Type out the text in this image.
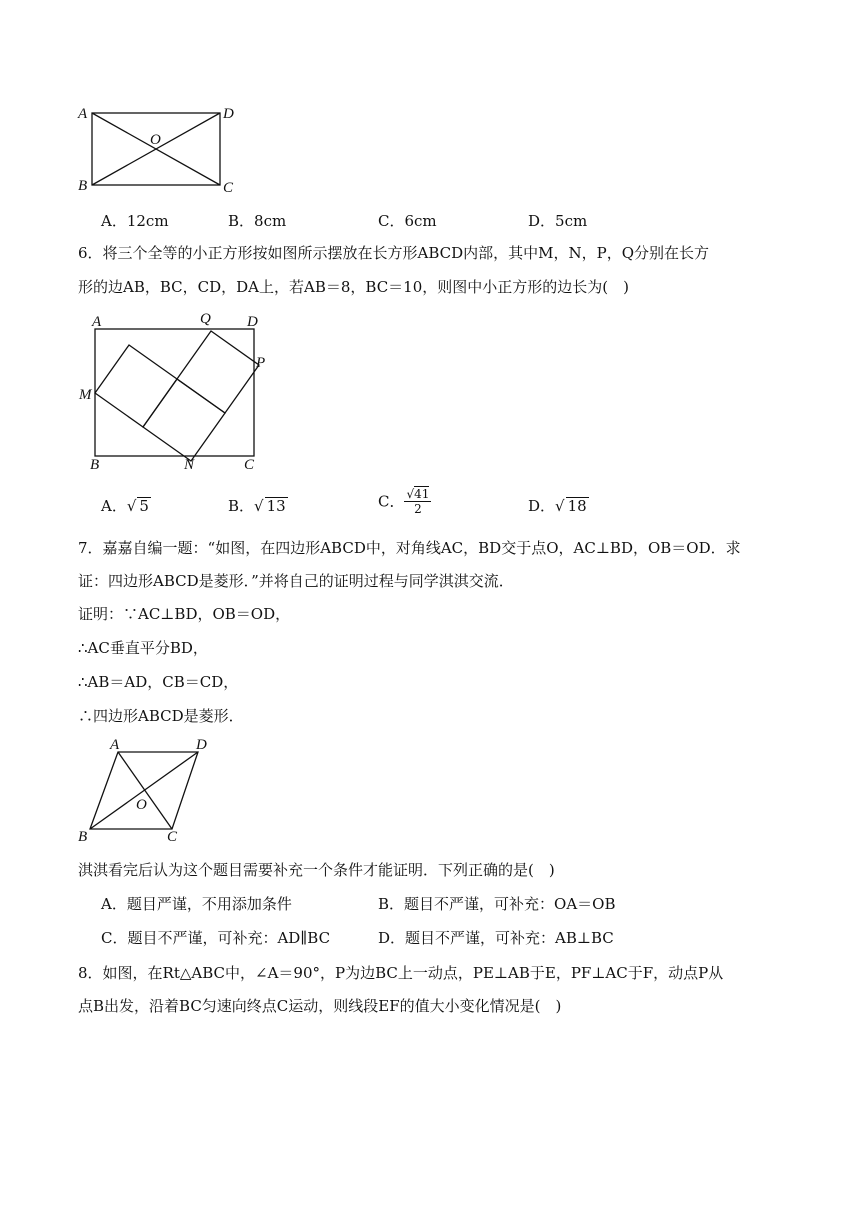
A	D
O
B	C
A．12cm	B．8cm	C．6cm	D．5cm
6．将三个全等的小正方形按如图所示摆放在长方形ABCD内部，其中M，N，P，Q分别在长方
形的边AB，BC，CD，DA上，若AB＝8，BC＝10，则图中小正方形的边长为(　)
A	Q D
P
M
B	N	C
A．√ 5	B．√ 13	C． $\frac{√41}{2}$	D．√ 18
7．嘉嘉自编一题：“如图，在四边形ABCD中，对角线AC，BD交于点O，AC⊥BD，OB＝OD．求
证：四边形ABCD是菱形．”并将自己的证明过程与同学淇淇交流．
证明：∵AC⊥BD，OB＝OD，
∴AC垂直平分BD，
∴AB＝AD，CB＝CD，
∴四边形ABCD是菱形．
A	D
O
B	C
淇淇看完后认为这个题目需要补充一个条件才能证明．下列正确的是(　)
A．题目严谨，不用添加条件	B．题目不严谨，可补充：OA＝OB
C．题目不严谨，可补充：AD∥BC	D．题目不严谨，可补充：AB⊥BC
8．如图，在Rt△ABC中，∠A＝90°，P为边BC上一动点，PE⊥AB于E，PF⊥AC于F，动点P从
点B出发，沿着BC匀速向终点C运动，则线段EF的值大小变化情况是(　)
